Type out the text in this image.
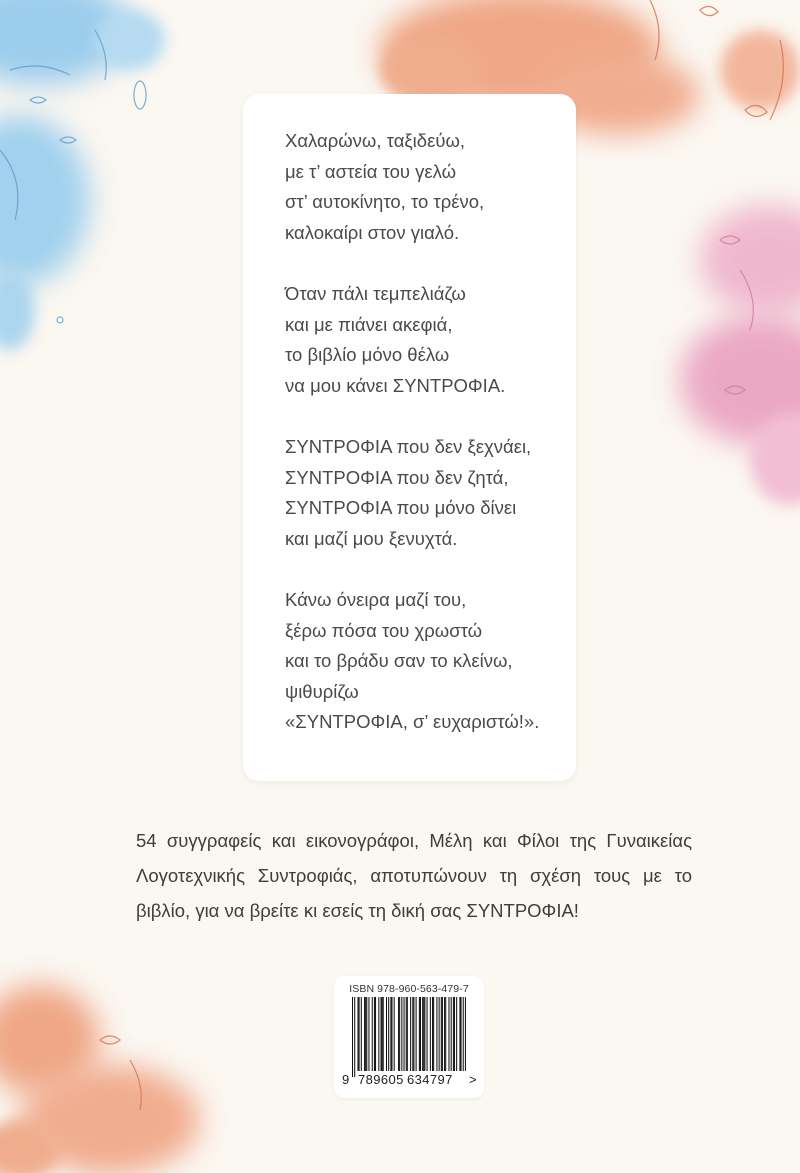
Χαλαρώνω, ταξιδεύω,
με τ’ αστεία του γελώ
στ’ αυτοκίνητο, το τρένο,
καλοκαίρι στον γιαλό.
Όταν πάλι τεμπελιάζω
και με πιάνει ακεφιά,
το βιβλίο μόνο θέλω
να μου κάνει ΣΥΝΤΡΟΦΙΑ.
ΣΥΝΤΡΟΦΙΑ που δεν ξεχνάει,
ΣΥΝΤΡΟΦΙΑ που δεν ζητά,
ΣΥΝΤΡΟΦΙΑ που μόνο δίνει
και μαζί μου ξενυχτά.
Κάνω όνειρα μαζί του,
ξέρω πόσα του χρωστώ
και το βράδυ σαν το κλείνω,
ψιθυρίζω
«ΣΥΝΤΡΟΦΙΑ, σ’ ευχαριστώ!».
54 συγγραφείς και εικονογράφοι, Μέλη και Φίλοι της Γυναικείας
Λογοτεχνικής Συντροφιάς, αποτυπώνουν τη σχέση τους με το
βιβλίο, για να βρείτε κι εσείς τη δική σας ΣΥΝΤΡΟΦΙΑ!
ISBN 978-960-563-479-7
9 789605 634797 >
